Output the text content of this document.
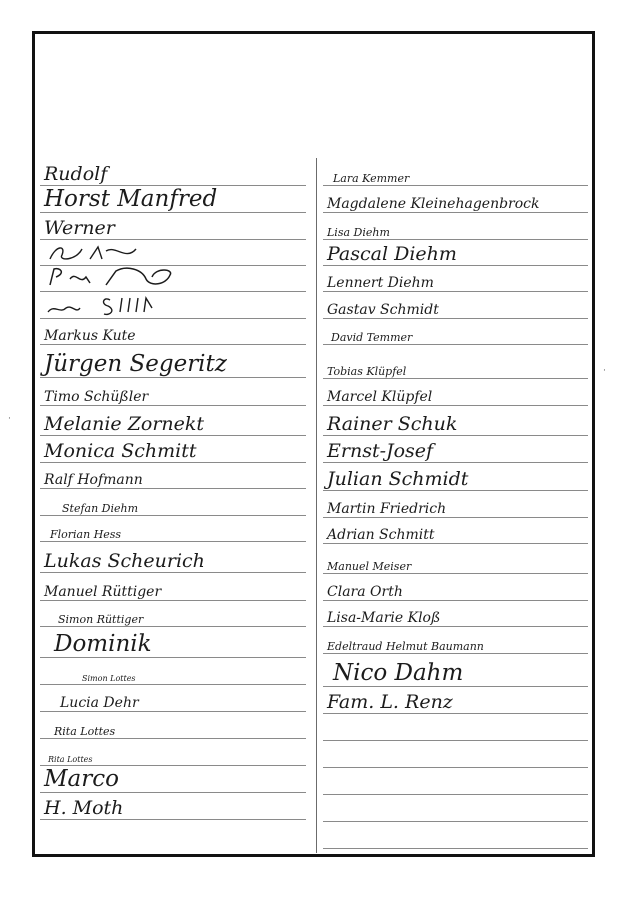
Rudolf
Horst Manfred
Werner
Markus Kute
Jürgen Segeritz
Timo Schüßler
Melanie Zornekt
Monica Schmitt
Ralf Hofmann
Stefan Diehm
Florian Hess
Lukas Scheurich
Manuel Rüttiger
Simon Rüttiger
Dominik
Simon Lottes
Lucia Dehr
Rita Lottes
Rita Lottes
Marco
H. Moth
Lara Kemmer
Magdalene Kleinehagenbrock
Lisa Diehm
Pascal Diehm
Lennert Diehm
Gastav Schmidt
David Temmer
Tobias Klüpfel
Marcel Klüpfel
Rainer Schuk
Ernst-Josef
Julian Schmidt
Martin Friedrich
Adrian Schmitt
Manuel Meiser
Clara Orth
Lisa-Marie Kloß
Edeltraud Helmut Baumann
Nico Dahm
Fam. L. Renz
·
·
